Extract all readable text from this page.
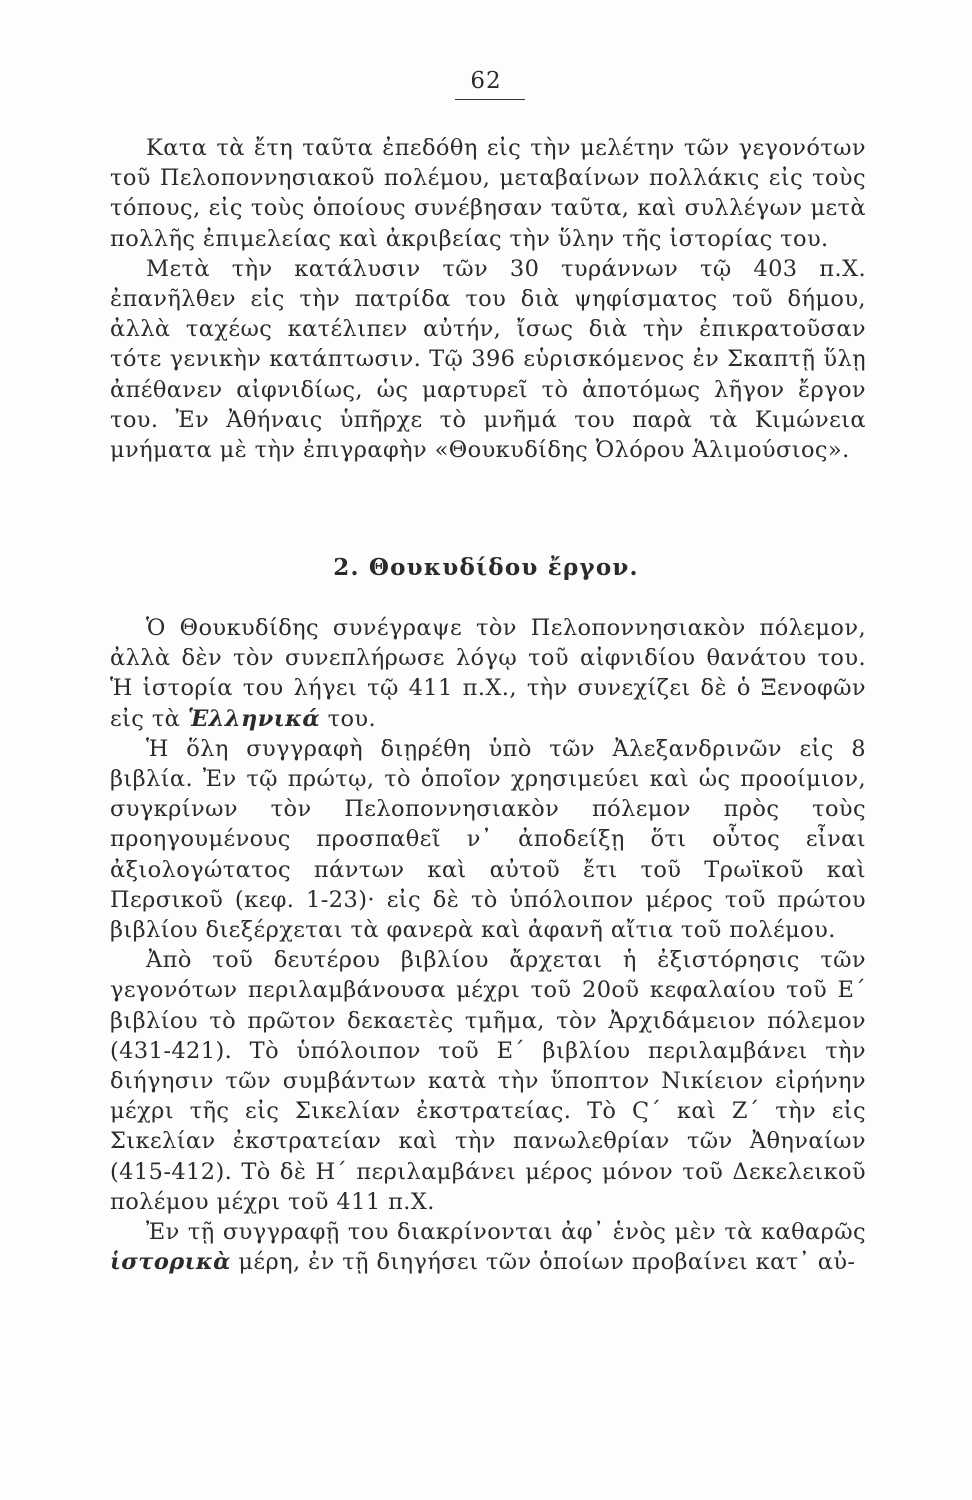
62

Κατα τὰ ἔτη ταῦτα ἐπεδόθη εἰς τὴν μελέτην τῶν γεγονότων τοῦ Πελοποννησιακοῦ πολέμου, μεταβαίνων πολλάκις εἰς τοὺς τόπους, εἰς τοὺς ὁποίους συνέβησαν ταῦτα, καὶ συλλέγων μετὰ πολλῆς ἐπιμελείας καὶ ἀκριβείας τὴν ὕλην τῆς ἱστορίας του.

Μετὰ τὴν κατάλυσιν τῶν 30 τυράννων τῷ 403 π.Χ. ἐπανῆλθεν εἰς τὴν πατρίδα του διὰ ψηφίσματος τοῦ δήμου, ἀλλὰ ταχέως κατέλιπεν αὐτήν, ἴσως διὰ τὴν ἐπικρατοῦσαν τότε γενικὴν κατάπτωσιν. Τῷ 396 εὑρισκόμενος ἐν Σκαπτῇ ὕλῃ ἀπέθανεν αἰφνιδίως, ὡς μαρτυρεῖ τὸ ἀποτόμως λῆγον ἔργον του. Ἐν Ἀθήναις ὑπῆρχε τὸ μνῆμά του παρὰ τὰ Κιμώνεια μνήματα μὲ τὴν ἐπιγραφὴν «Θουκυδίδης Ὀλόρου Ἁλιμούσιος».

2. Θουκυδίδου ἔργον.

Ὁ Θουκυδίδης συνέγραψε τὸν Πελοποννησιακὸν πόλεμον, ἀλλὰ δὲν τὸν συνεπλήρωσε λόγῳ τοῦ αἰφνιδίου θανάτου του. Ἡ ἱστορία του λήγει τῷ 411 π.Χ., τὴν συνεχίζει δὲ ὁ Ξενοφῶν εἰς τὰ Ἑλληνικά του.

Ἡ ὅλη συγγραφὴ διῃρέθη ὑπὸ τῶν Ἀλεξανδρινῶν εἰς 8 βιβλία. Ἐν τῷ πρώτῳ, τὸ ὁποῖον χρησιμεύει καὶ ὡς προοίμιον, συγκρίνων τὸν Πελοποννησιακὸν πόλεμον πρὸς τοὺς προηγουμένους προσπαθεῖ ν᾿ ἀποδείξῃ ὅτι οὗτος εἶναι ἀξιολογώτατος πάντων καὶ αὐτοῦ ἔτι τοῦ Τρωϊκοῦ καὶ Περσικοῦ (κεφ. 1-23)· εἰς δὲ τὸ ὑπόλοιπον μέρος τοῦ πρώτου βιβλίου διεξέρχεται τὰ φανερὰ καὶ ἀφανῆ αἴτια τοῦ πολέμου.

Ἀπὸ τοῦ δευτέρου βιβλίου ἄρχεται ἡ ἐξιστόρησις τῶν γεγονότων περιλαμβάνουσα μέχρι τοῦ 20οῦ κεφαλαίου τοῦ Ε΄ βιβλίου τὸ πρῶτον δεκαετὲς τμῆμα, τὸν Ἀρχιδάμειον πόλεμον (431-421). Τὸ ὑπόλοιπον τοῦ Ε΄ βιβλίου περιλαμβάνει τὴν διήγησιν τῶν συμβάντων κατὰ τὴν ὕποπτον Νικίειον εἰρήνην μέχρι τῆς εἰς Σικελίαν ἐκστρατείας. Τὸ Ϛ΄ καὶ Ζ΄ τὴν εἰς Σικελίαν ἐκστρατείαν καὶ τὴν πανωλεθρίαν τῶν Ἀθηναίων (415-412). Τὸ δὲ Η΄ περιλαμβάνει μέρος μόνον τοῦ Δεκελεικοῦ πολέμου μέχρι τοῦ 411 π.Χ.

Ἐν τῇ συγγραφῇ του διακρίνονται ἀφ᾿ ἑνὸς μὲν τὰ καθαρῶς ἱστορικὰ μέρη, ἐν τῇ διηγήσει τῶν ὁποίων προβαίνει κατ᾿ αὐ-
